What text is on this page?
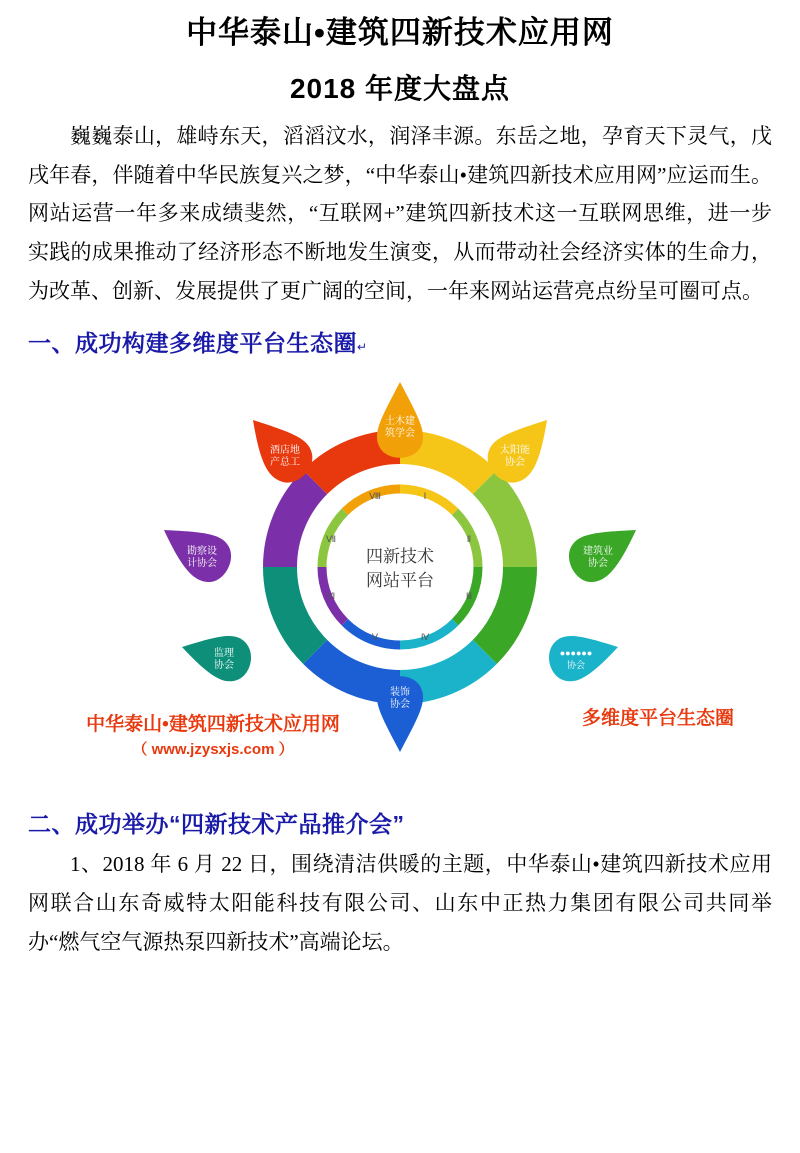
中华泰山•建筑四新技术应用网
2018 年度大盘点
巍巍泰山，雄峙东天，滔滔汶水，润泽丰源。东岳之地，孕育天下灵气，戊戌年春，伴随着中华民族复兴之梦，“中华泰山•建筑四新技术应用网”应运而生。网站运营一年多来成绩斐然，“互联网+”建筑四新技术这一互联网思维，进一步实践的成果推动了经济形态不断地发生演变，从而带动社会经济实体的生命力，为改革、创新、发展提供了更广阔的空间，一年来网站运营亮点纷呈可圈可点。
一、成功构建多维度平台生态圈↵
Ⅰ
Ⅱ
Ⅲ
Ⅳ
Ⅴ
Ⅵ
Ⅶ
Ⅷ
四新技术
网站平台
土木建筑学会
太阳能协会
建筑业协会
●●●●●●协会
装饰协会
监理协会
勘察设计协会
酒店地产总工
中华泰山•建筑四新技术应用网
（ www.jzysxjs.com ）
多维度平台生态圈
二、成功举办“四新技术产品推介会”
1、2018 年 6 月 22 日，围绕清洁供暖的主题，中华泰山•建筑四新技术应用网联合山东奇威特太阳能科技有限公司、山东中正热力集团有限公司共同举办“燃气空气源热泵四新技术”高端论坛。
